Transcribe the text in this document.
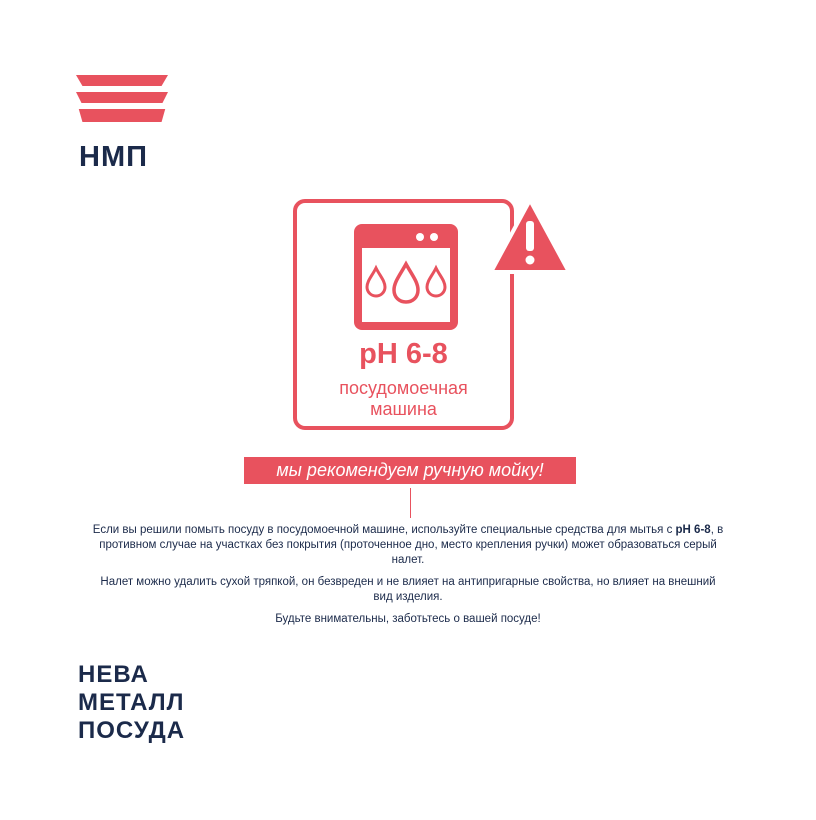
НМП

pH 6-8
посудомоечная
машина
мы рекомендуем ручную мойку!

Если вы решили помыть посуду в посудомоечной машине, используйте специальные средства для мытья с pH 6-8, в противном случае на участках без покрытия (проточенное дно, место крепления ручки) может образоваться серый налет.

Налет можно удалить сухой тряпкой, он безвреден и не влияет на антипригарные свойства, но влияет на внешний вид изделия.

Будьте внимательны, заботьтесь о вашей посуде!

НЕВА
МЕТАЛЛ
ПОСУДА
